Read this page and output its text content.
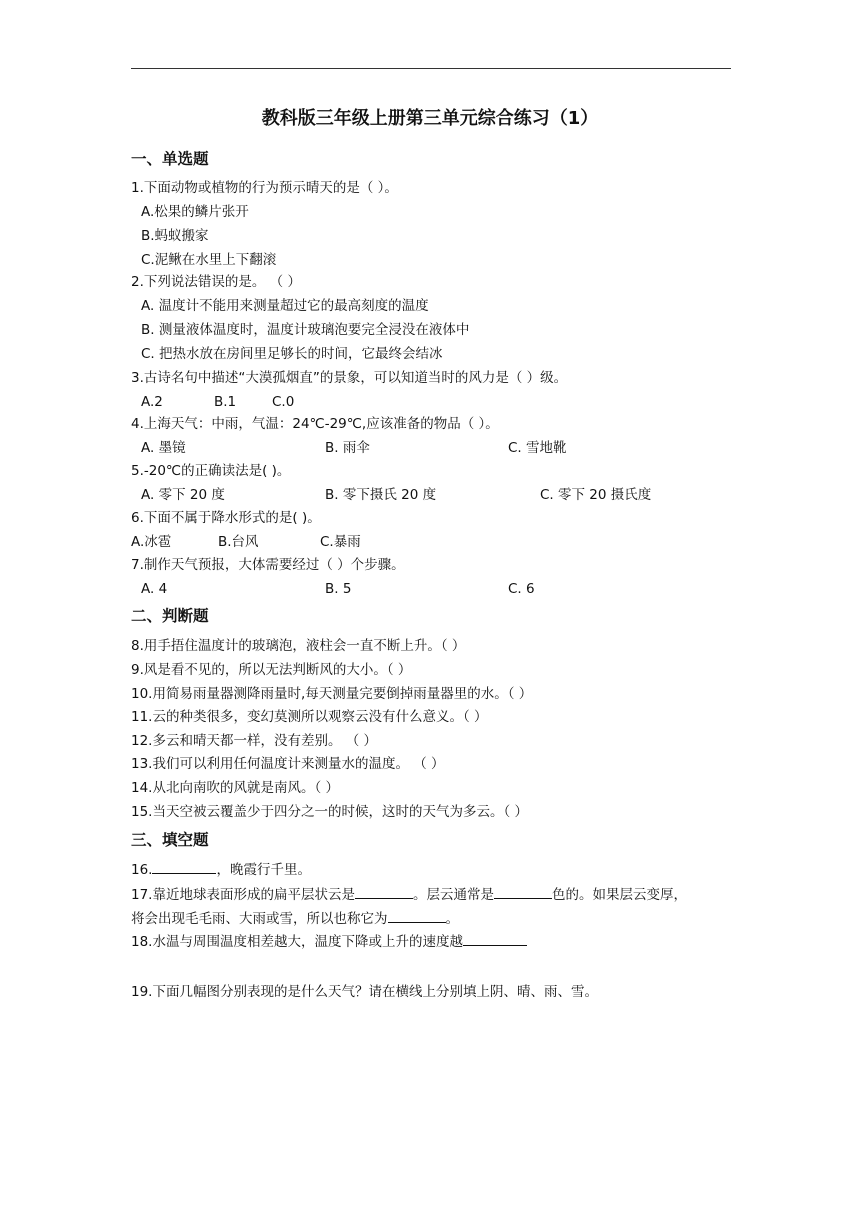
教科版三年级上册第三单元综合练习（1）
一、单选题
1.下面动物或植物的行为预示晴天的是（ ）。
A.松果的鳞片张开
B.蚂蚁搬家
C.泥鳅在水里上下翻滚
2.下列说法错误的是。 （ ）
A. 温度计不能用来测量超过它的最高刻度的温度
B. 测量液体温度时，温度计玻璃泡要完全浸没在液体中
C. 把热水放在房间里足够长的时间，它最终会结冰
3.古诗名句中描述“大漠孤烟直”的景象，可以知道当时的风力是（ ）级。
A.2	B.1	C.0
4.上海天气：中雨，气温：24℃-29℃,应该准备的物品（ ）。
A. 墨镜	B. 雨伞	C. 雪地靴
5.-20℃的正确读法是( )。
A. 零下 20 度	B. 零下摄氏 20 度	C. 零下 20 摄氏度
6.下面不属于降水形式的是( )。
A.冰雹	B.台风	C.暴雨
7.制作天气预报，大体需要经过（ ）个步骤。
A. 4	B. 5	C. 6
二、判断题
8.用手捂住温度计的玻璃泡，液柱会一直不断上升。（ ）
9.风是看不见的，所以无法判断风的大小。（ ）
10.用简易雨量器测降雨量时,每天测量完要倒掉雨量器里的水。（ ）
11.云的种类很多，变幻莫测所以观察云没有什么意义。（ ）
12.多云和晴天都一样，没有差别。 （ ）
13.我们可以利用任何温度计来测量水的温度。 （ ）
14.从北向南吹的风就是南风。（ ）
15.当天空被云覆盖少于四分之一的时候，这时的天气为多云。（ ）
三、填空题
16.	，晚霞行千里。
17.靠近地球表面形成的扁平层状云是	。层云通常是	色的。如果层云变厚，
将会出现毛毛雨、大雨或雪，所以也称它为	。
18.水温与周围温度相差越大，温度下降或上升的速度越
19.下面几幅图分别表现的是什么天气？请在横线上分别填上阴、晴、雨、雪。
